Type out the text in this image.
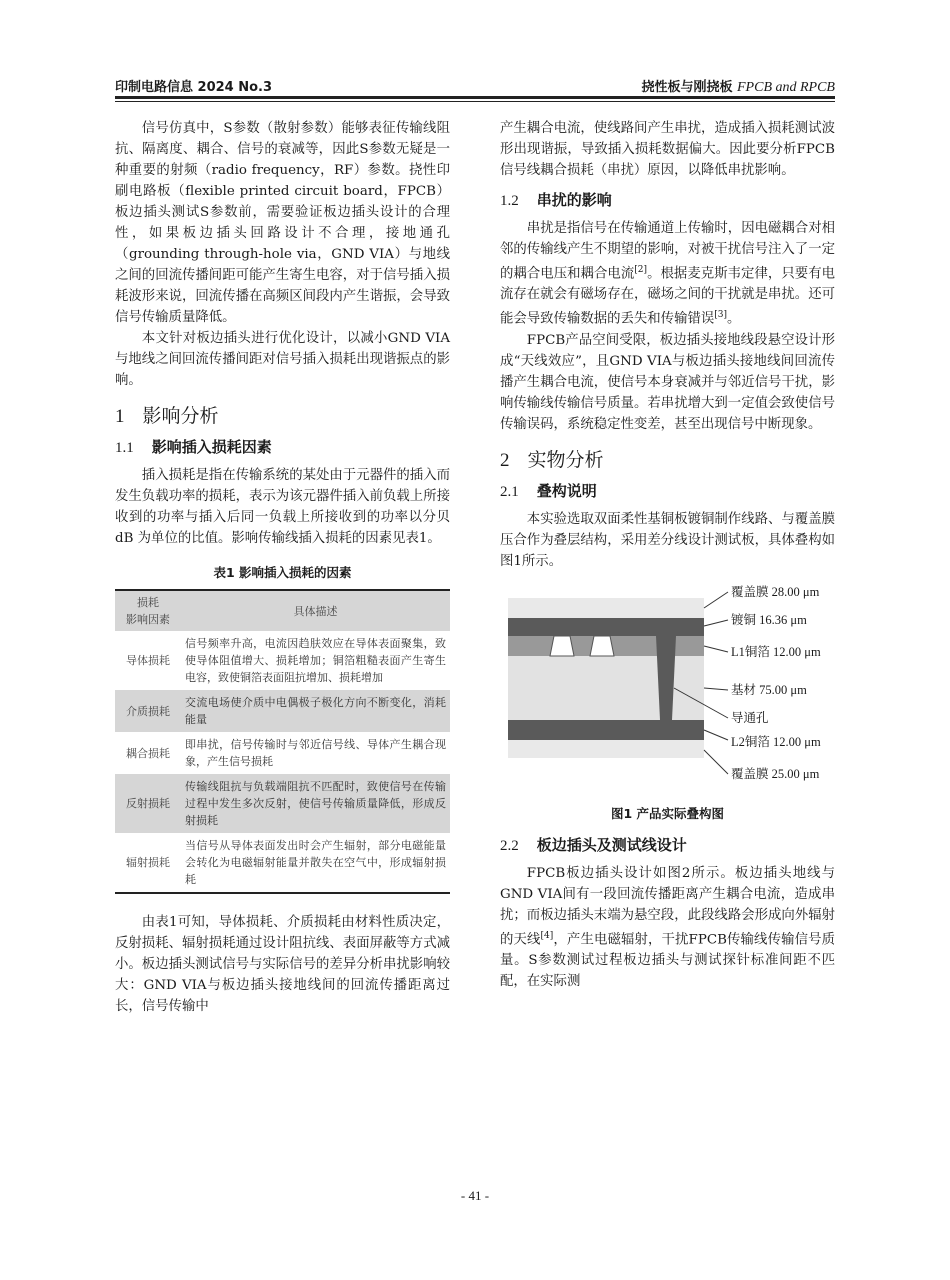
印制电路信息 2024 No.3	挠性板与刚挠板 FPCB and RPCB

信号仿真中，S参数（散射参数）能够表征传输线阻抗、隔离度、耦合、信号的衰减等，因此S参数无疑是一种重要的射频（radio frequency，RF）参数。挠性印刷电路板（flexible printed circuit board，FPCB）板边插头测试S参数前，需要验证板边插头设计的合理性，如果板边插头回路设计不合理，接地通孔（grounding through-hole via，GND VIA）与地线之间的回流传播间距可能产生寄生电容，对于信号插入损耗波形来说，回流传播在高频区间段内产生谐振，会导致信号传输质量降低。

本文针对板边插头进行优化设计，以减小GND VIA与地线之间回流传播间距对信号插入损耗出现谐振点的影响。

1 影响分析
1.1 影响插入损耗因素

插入损耗是指在传输系统的某处由于元器件的插入而发生负载功率的损耗，表示为该元器件插入前负载上所接收到的功率与插入后同一负载上所接收到的功率以分贝 dB 为单位的比值。影响传输线插入损耗的因素见表1。

表1 影响插入损耗的因素
损耗
影响因素	具体描述
导体损耗	信号频率升高，电流因趋肤效应在导体表面聚集，致使导体阻值增大、损耗增加；铜箔粗糙表面产生寄生电容，致使铜箔表面阻抗增加、损耗增加
介质损耗	交流电场使介质中电偶极子极化方向不断变化，消耗能量
耦合损耗	即串扰，信号传输时与邻近信号线、导体产生耦合现象，产生信号损耗
反射损耗	传输线阻抗与负载端阻抗不匹配时，致使信号在传输过程中发生多次反射，使信号传输质量降低，形成反射损耗
辐射损耗	当信号从导体表面发出时会产生辐射，部分电磁能量会转化为电磁辐射能量并散失在空气中，形成辐射损耗

由表1可知，导体损耗、介质损耗由材料性质决定，反射损耗、辐射损耗通过设计阻抗线、表面屏蔽等方式减小。板边插头测试信号与实际信号的差异分析串扰影响较大：GND VIA与板边插头接地线间的回流传播距离过长，信号传输中

产生耦合电流，使线路间产生串扰，造成插入损耗测试波形出现谐振，导致插入损耗数据偏大。因此要分析FPCB信号线耦合损耗（串扰）原因，以降低串扰影响。

1.2 串扰的影响

串扰是指信号在传输通道上传输时，因电磁耦合对相邻的传输线产生不期望的影响，对被干扰信号注入了一定的耦合电压和耦合电流[2]。根据麦克斯韦定律，只要有电流存在就会有磁场存在，磁场之间的干扰就是串扰。还可能会导致传输数据的丢失和传输错误[3]。

FPCB产品空间受限，板边插头接地线段悬空设计形成“天线效应”，且GND VIA与板边插头接地线间回流传播产生耦合电流，使信号本身衰减并与邻近信号干扰，影响传输线传输信号质量。若串扰增大到一定值会致使信号传输误码，系统稳定性变差，甚至出现信号中断现象。

2 实物分析
2.1 叠构说明

本实验选取双面柔性基铜板镀铜制作线路、与覆盖膜压合作为叠层结构，采用差分线设计测试板，具体叠构如图1所示。

覆盖膜 28.00 μm
镀铜 16.36 μm
L1铜箔 12.00 μm
基材 75.00 μm
导通孔
L2铜箔 12.00 μm
覆盖膜 25.00 μm
图1 产品实际叠构图
2.2 板边插头及测试线设计

FPCB板边插头设计如图2所示。板边插头地线与GND VIA间有一段回流传播距离产生耦合电流，造成串扰；而板边插头末端为悬空段，此段线路会形成向外辐射的天线[4]，产生电磁辐射，干扰FPCB传输线传输信号质量。S参数测试过程板边插头与测试探针标准间距不匹配，在实际测

- 41 -
